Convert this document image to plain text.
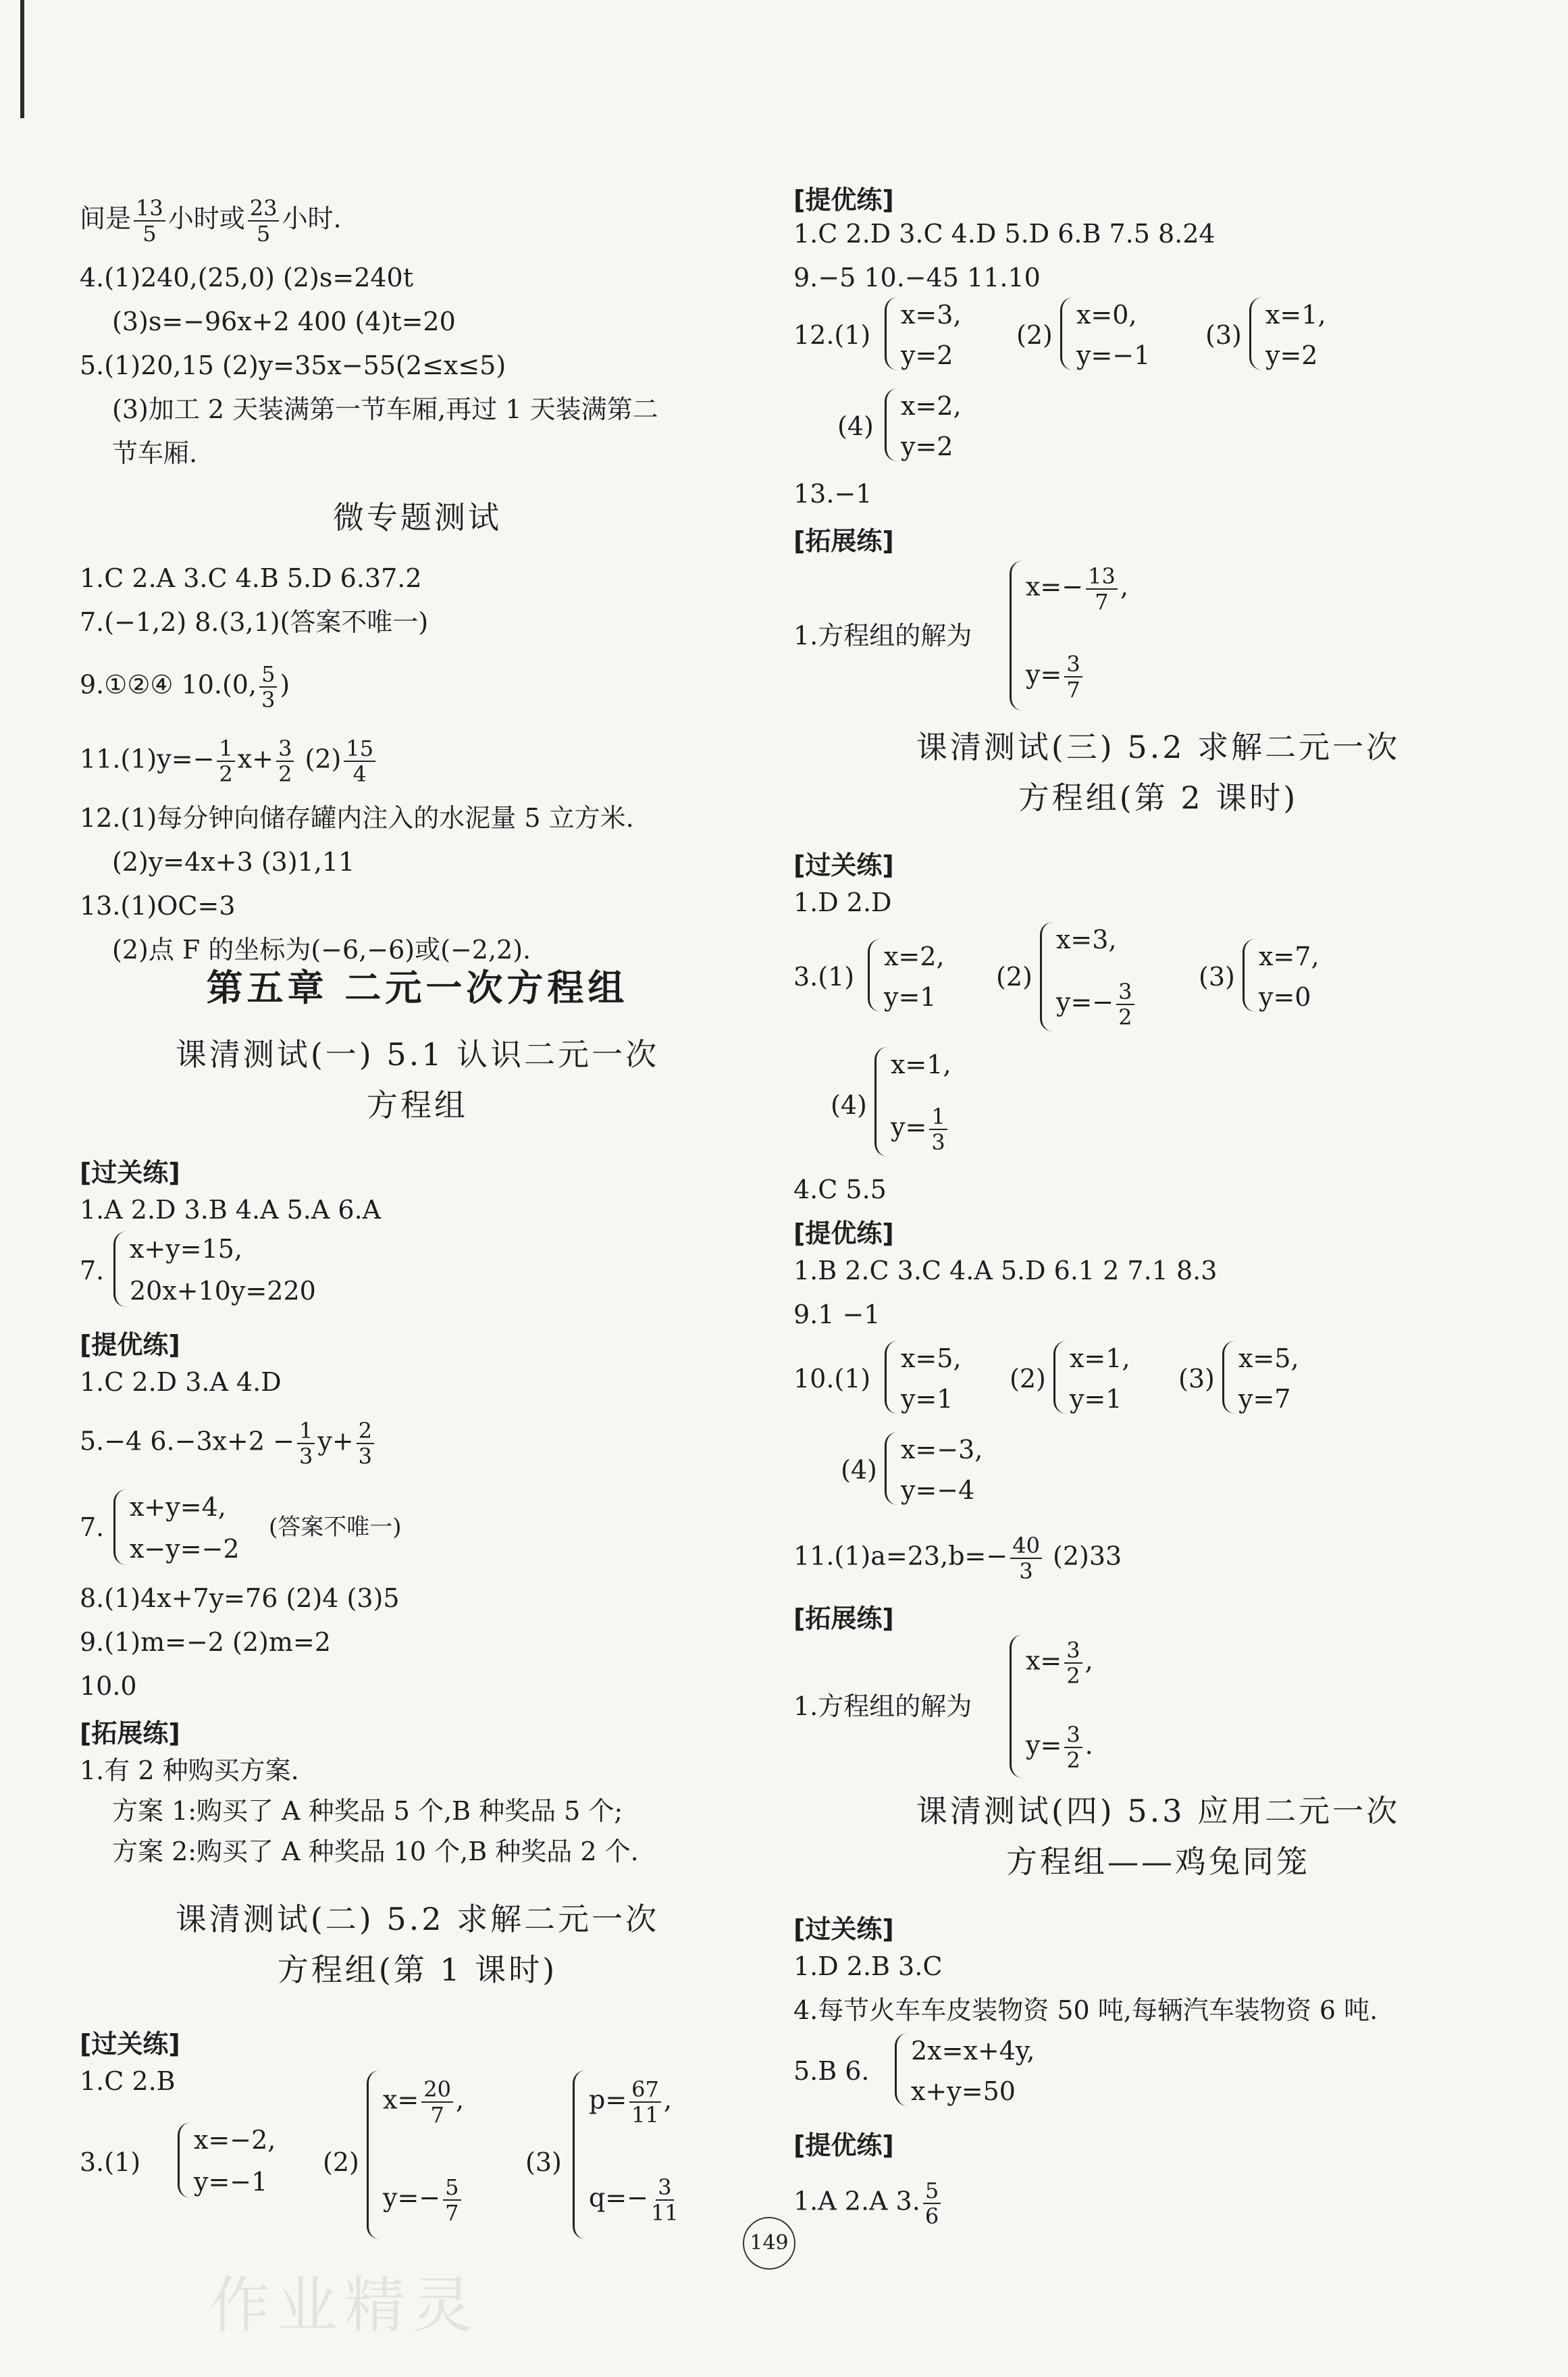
间是 $\frac{13}{5}$ 小时或 $\frac{23}{5}$ 小时.
4.(1)240,(25,0) (2)s=240t
(3)s=−96x+2 400 (4)t=20
5.(1)20,15 (2)y=35x−55(2≤x≤5)
(3)加工 2 天装满第一节车厢,再过 1 天装满第二
节车厢.
微专题测试
1.C 2.A 3.C 4.B 5.D 6.37.2
7.(−1,2) 8.(3,1)(答案不唯一)
9.①②④ 10.(0, $\frac{5}{3}$ )
$11.(1)y=- \frac{1}{2} x+ \frac{3}{2} (2) \frac{15}{4}$
12.(1)每分钟向储存罐内注入的水泥量 5 立方米.
(2)y=4x+3 (3)1,11
13.(1)OC=3
(2)点 F 的坐标为(−6,−6)或(−2,2).
第五章 二元一次方程组
课清测试(一) 5.1 认识二元一次
方程组
[过关练]
1.A 2.D 3.B 4.A 5.A 6.A
7.
x+y=15,
20x+10y=220
[提优练]
1.C 2.D 3.A 4.D
5.−4 $6.-3x+2 - \frac{1}{3} y+ \frac{2}{3}$
7.
x+y=4,
x−y=−2
(答案不唯一)
8.(1)4x+7y=76 (2)4 (3)5
9.(1)m=−2 (2)m=2
10.0
[拓展练]
1.有 2 种购买方案.
方案 1:购买了 A 种奖品 5 个,B 种奖品 5 个;
方案 2:购买了 A 种奖品 10 个,B 种奖品 2 个.
课清测试(二) 5.2 求解二元一次
方程组(第 1 课时)
[过关练]
1.C 2.B
3.(1)
x=−2,
y=−1
(2)
$x= \frac{20}{7}$ ,
$y=- \frac{5}{7}$
(3)
$p= \frac{67}{11}$ ,
$q=- \frac{3}{11}$
[提优练]
1.C 2.D 3.C 4.D 5.D 6.B 7.5 8.24
9.−5 10.−45 11.10
12.(1)
x=3,
y=2
(2)
x=0,
y=−1
(3)
x=1,
y=2
(4)
x=2,
y=2
13.−1
[拓展练]
1.方程组的解为
$x=- \frac{13}{7}$ ,
$y= \frac{3}{7}$
课清测试(三) 5.2 求解二元一次
方程组(第 2 课时)
[过关练]
1.D 2.D
3.(1)
x=2,
y=1
(2)
x=3,
$y=- \frac{3}{2}$
(3)
x=7,
y=0
(4)
x=1,
$y= \frac{1}{3}$
4.C 5.5
[提优练]
1.B 2.C 3.C 4.A 5.D 6.1 2 7.1 8.3
9.1 −1
10.(1)
x=5,
y=1
(2)
x=1,
y=1
(3)
x=5,
y=7
(4)
x=−3,
y=−4
$11.(1)a=23,b=- \frac{40}{3} (2)33$
[拓展练]
1.方程组的解为
$x= \frac{3}{2}$ ,
$y= \frac{3}{2}$ .
课清测试(四) 5.3 应用二元一次
方程组——鸡兔同笼
[过关练]
1.D 2.B 3.C
4.每节火车车皮装物资 50 吨,每辆汽车装物资 6 吨.
5.B 6.
2x=x+4y,
x+y=50
[提优练]
1.A 2.A 3. $\frac{5}{6}$
149
作业精灵
